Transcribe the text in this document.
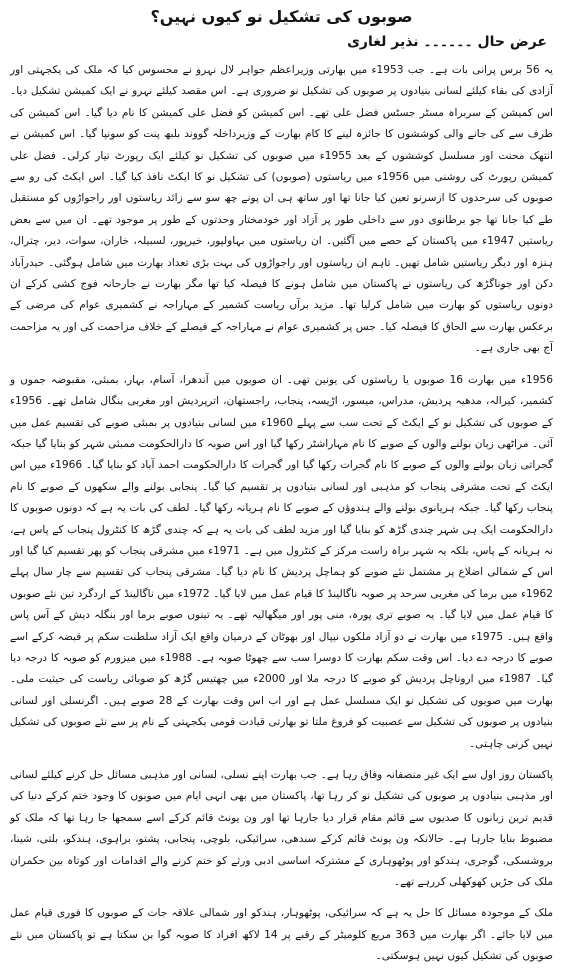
صوبوں کی تشکیل نو کیوں نہیں؟
عرض حال ۔۔۔۔۔۔ نذیر لغاری

یہ 56 برس پرانی بات ہے۔ جب 1953ء میں بھارتی وزیراعظم جواہر لال نہرو نے محسوس کیا کہ ملک کی یکجہتی اور آزادی کی بقاء کیلئے لسانی بنیادوں پر صوبوں کی تشکیل نو ضروری ہے۔ اس مقصد کیلئے نہرو نے ایک کمیشن تشکیل دیا۔ اس کمیشن کے سربراہ مسٹر جسٹس فضل علی تھے۔ اس کمیشن کو فضل علی کمیشن کا نام دیا گیا۔ اس کمیشن کی طرف سے کی جانے والی کوششوں کا جائزہ لینے کا کام بھارت کے وزیرداخلہ گووند بلبھ پنت کو سونپا گیا۔ اس کمیشن نے انتھک محنت اور مسلسل کوششوں کے بعد 1955ء میں صوبوں کی تشکیل نو کیلئے ایک رپورٹ تیار کرلی۔ فضل علی کمیشن رپورٹ کی روشنی میں 1956ء میں ریاستوں (صوبوں) کی تشکیل نو کا ایکٹ نافذ کیا گیا۔ اس ایکٹ کی رو سے صوبوں کی سرحدوں کا ازسرنو تعین کیا جانا تھا اور ساتھ ہی ان پونے چھ سو سے زائد ریاستوں اور راجواڑوں کو مستقبل طے کیا جانا تھا جو برطانوی دور سے داخلی طور پر آزاد اور خودمختار وحدتوں کے طور پر موجود تھے۔ ان میں سے بعض ریاستیں 1947ء میں پاکستان کے حصے میں آگئیں۔ ان ریاستوں میں بہاولپور، خیرپور، لسبیلہ، خاران، سوات، دیر، چترال، ہنزہ اور دیگر ریاستیں شامل تھیں۔ تاہم ان ریاستوں اور راجواڑوں کی بہت بڑی تعداد بھارت میں شامل ہوگئی۔ حیدرآباد دکن اور جوناگڑھ کی ریاستوں نے پاکستان میں شامل ہونے کا فیصلہ کیا تھا مگر بھارت نے جارحانہ فوج کشی کرکے ان دونوں ریاستوں کو بھارت میں شامل کرلیا تھا۔ مزید برآں ریاست کشمیر کے مہاراجہ نے کشمیری عوام کی مرضی کے برعکس بھارت سے الحاق کا فیصلہ کیا۔ جس پر کشمیری عوام نے مہاراجہ کے فیصلے کے خلاف مزاحمت کی اور یہ مزاحمت آج بھی جاری ہے۔

1956ء میں بھارت 16 صوبوں یا ریاستوں کی یونین تھی۔ ان صوبوں میں آندھرا، آسام، بہار، بمبئی، مقبوضہ جموں و کشمیر، کیرالہ، مدھیہ پردیش، مدراس، میسور، اڑیسہ، پنجاب، راجستھان، اترپردیش اور مغربی بنگال شامل تھے۔ 1956ء کے صوبوں کی تشکیل نو کے ایکٹ کے تحت سب سے پہلے 1960ء میں لسانی بنیادوں پر بمبئی صوبے کی تقسیم عمل میں آئی۔ مراٹھی زبان بولنے والوں کے صوبے کا نام مہاراشٹر رکھا گیا اور اس صوبہ کا دارالحکومت ممبئی شہر کو بنایا گیا جبکہ گجراتی زبان بولنے والوں کے صوبے کا نام گجرات رکھا گیا اور گجرات کا دارالحکومت احمد آباد کو بنایا گیا۔ 1966ء میں اس ایکٹ کے تحت مشرقی پنجاب کو مذہبی اور لسانی بنیادوں پر تقسیم کیا گیا۔ پنجابی بولنے والے سکھوں کے صوبے کا نام پنجاب رکھا گیا۔ جبکہ ہریانوی بولنے والے ہندوؤں کے صوبے کا نام ہریانہ رکھا گیا۔ لطف کی بات یہ ہے کہ دونوں صوبوں کا دارالحکومت ایک ہی شہر چندی گڑھ کو بنایا گیا اور مزید لطف کی بات یہ ہے کہ چندی گڑھ کا کنٹرول پنجاب کے پاس ہے، نہ ہریانہ کے پاس، بلکہ یہ شہر براہ راست مرکز کے کنٹرول میں ہے۔ 1971ء میں مشرقی پنجاب کو پھر تقسیم کیا گیا اور اس کے شمالی اضلاع پر مشتمل نئے صوبے کو ہماچل پردیش کا نام دیا گیا۔ مشرقی پنجاب کی تقسیم سے چار سال پہلے 1962ء میں برما کی مغربی سرحد پر صوبہ ناگالینڈ کا قیام عمل میں لایا گیا۔ 1972ء میں ناگالینڈ کے اردگرد تین نئے صوبوں کا قیام عمل میں لایا گیا۔ یہ صوبے تری پورہ، منی پور اور میگھالیہ تھے۔ یہ تینوں صوبے برما اور بنگلہ دیش کے آس پاس واقع ہیں۔ 1975ء میں بھارت نے دو آزاد ملکوں نیپال اور بھوٹان کے درمیان واقع ایک آزاد سلطنت سکم پر قبضہ کرکے اسے صوبے کا درجہ دے دیا۔ اس وقت سکم بھارت کا دوسرا سب سے چھوٹا صوبہ ہے۔ 1988ء میں میزورم کو صوبہ کا درجہ دیا گیا۔ 1987ء میں اروناچل پردیش کو صوبے کا درجہ ملا اور 2000ء میں چھتیس گڑھ کو صوبائی ریاست کی حیثیت ملی۔ بھارت میں صوبوں کی تشکیل نو ایک مسلسل عمل ہے اور اب اس وقت بھارت کے 28 صوبے ہیں۔ اگرنسلی اور لسانی بنیادوں پر صوبوں کی تشکیل سے عصبیت کو فروغ ملتا تو بھارتی قیادت قومی یکجہتی کے نام پر سے نئے صوبوں کی تشکیل نہیں کرنی چاہتی۔

پاکستان روز اول سے ایک غیر منصفانہ وفاق رہا ہے۔ جب بھارت اپنے نسلی، لسانی اور مذہبی مسائل حل کرنے کیلئے لسانی اور مذہبی بنیادوں پر صوبوں کی تشکیل نو کر رہا تھا، پاکستان میں بھی انہی ایام میں صوبوں کا وجود ختم کرکے دنیا کی قدیم ترین زبانوں کا صدیوں سے قائم مقام قرار دیا جارہا تھا اور ون یونٹ قائم کرکے اسے سمجھا جا رہا تھا کہ ملک کو مضبوط بنایا جارہا ہے۔ حالانکہ ون یونٹ قائم کرکے سندھی، سرائیکی، بلوچی، پنجابی، پشتو، براہوی، ہندکو، بلتی، شینا، بروشسکی، گوجری، ہندکو اور پوٹھوہاری کے مشترکہ اساسی ادبی ورثے کو ختم کرنے والے اقدامات اور کوتاہ بین حکمران ملک کی جڑیں کھوکھلی کررہے تھے۔

ملک کے موجودہ مسائل کا حل یہ ہے کہ سرائیکی، پوٹھوہار، ہندکو اور شمالی علاقہ جات کے صوبوں کا فوری قیام عمل میں لایا جائے۔ اگر بھارت میں 363 مربع کلومیٹر کے رقبے پر 14 لاکھ افراد کا صوبہ گوا بن سکتا ہے تو پاکستان میں نئے صوبوں کی تشکیل کیوں نہیں ہوسکتی۔
